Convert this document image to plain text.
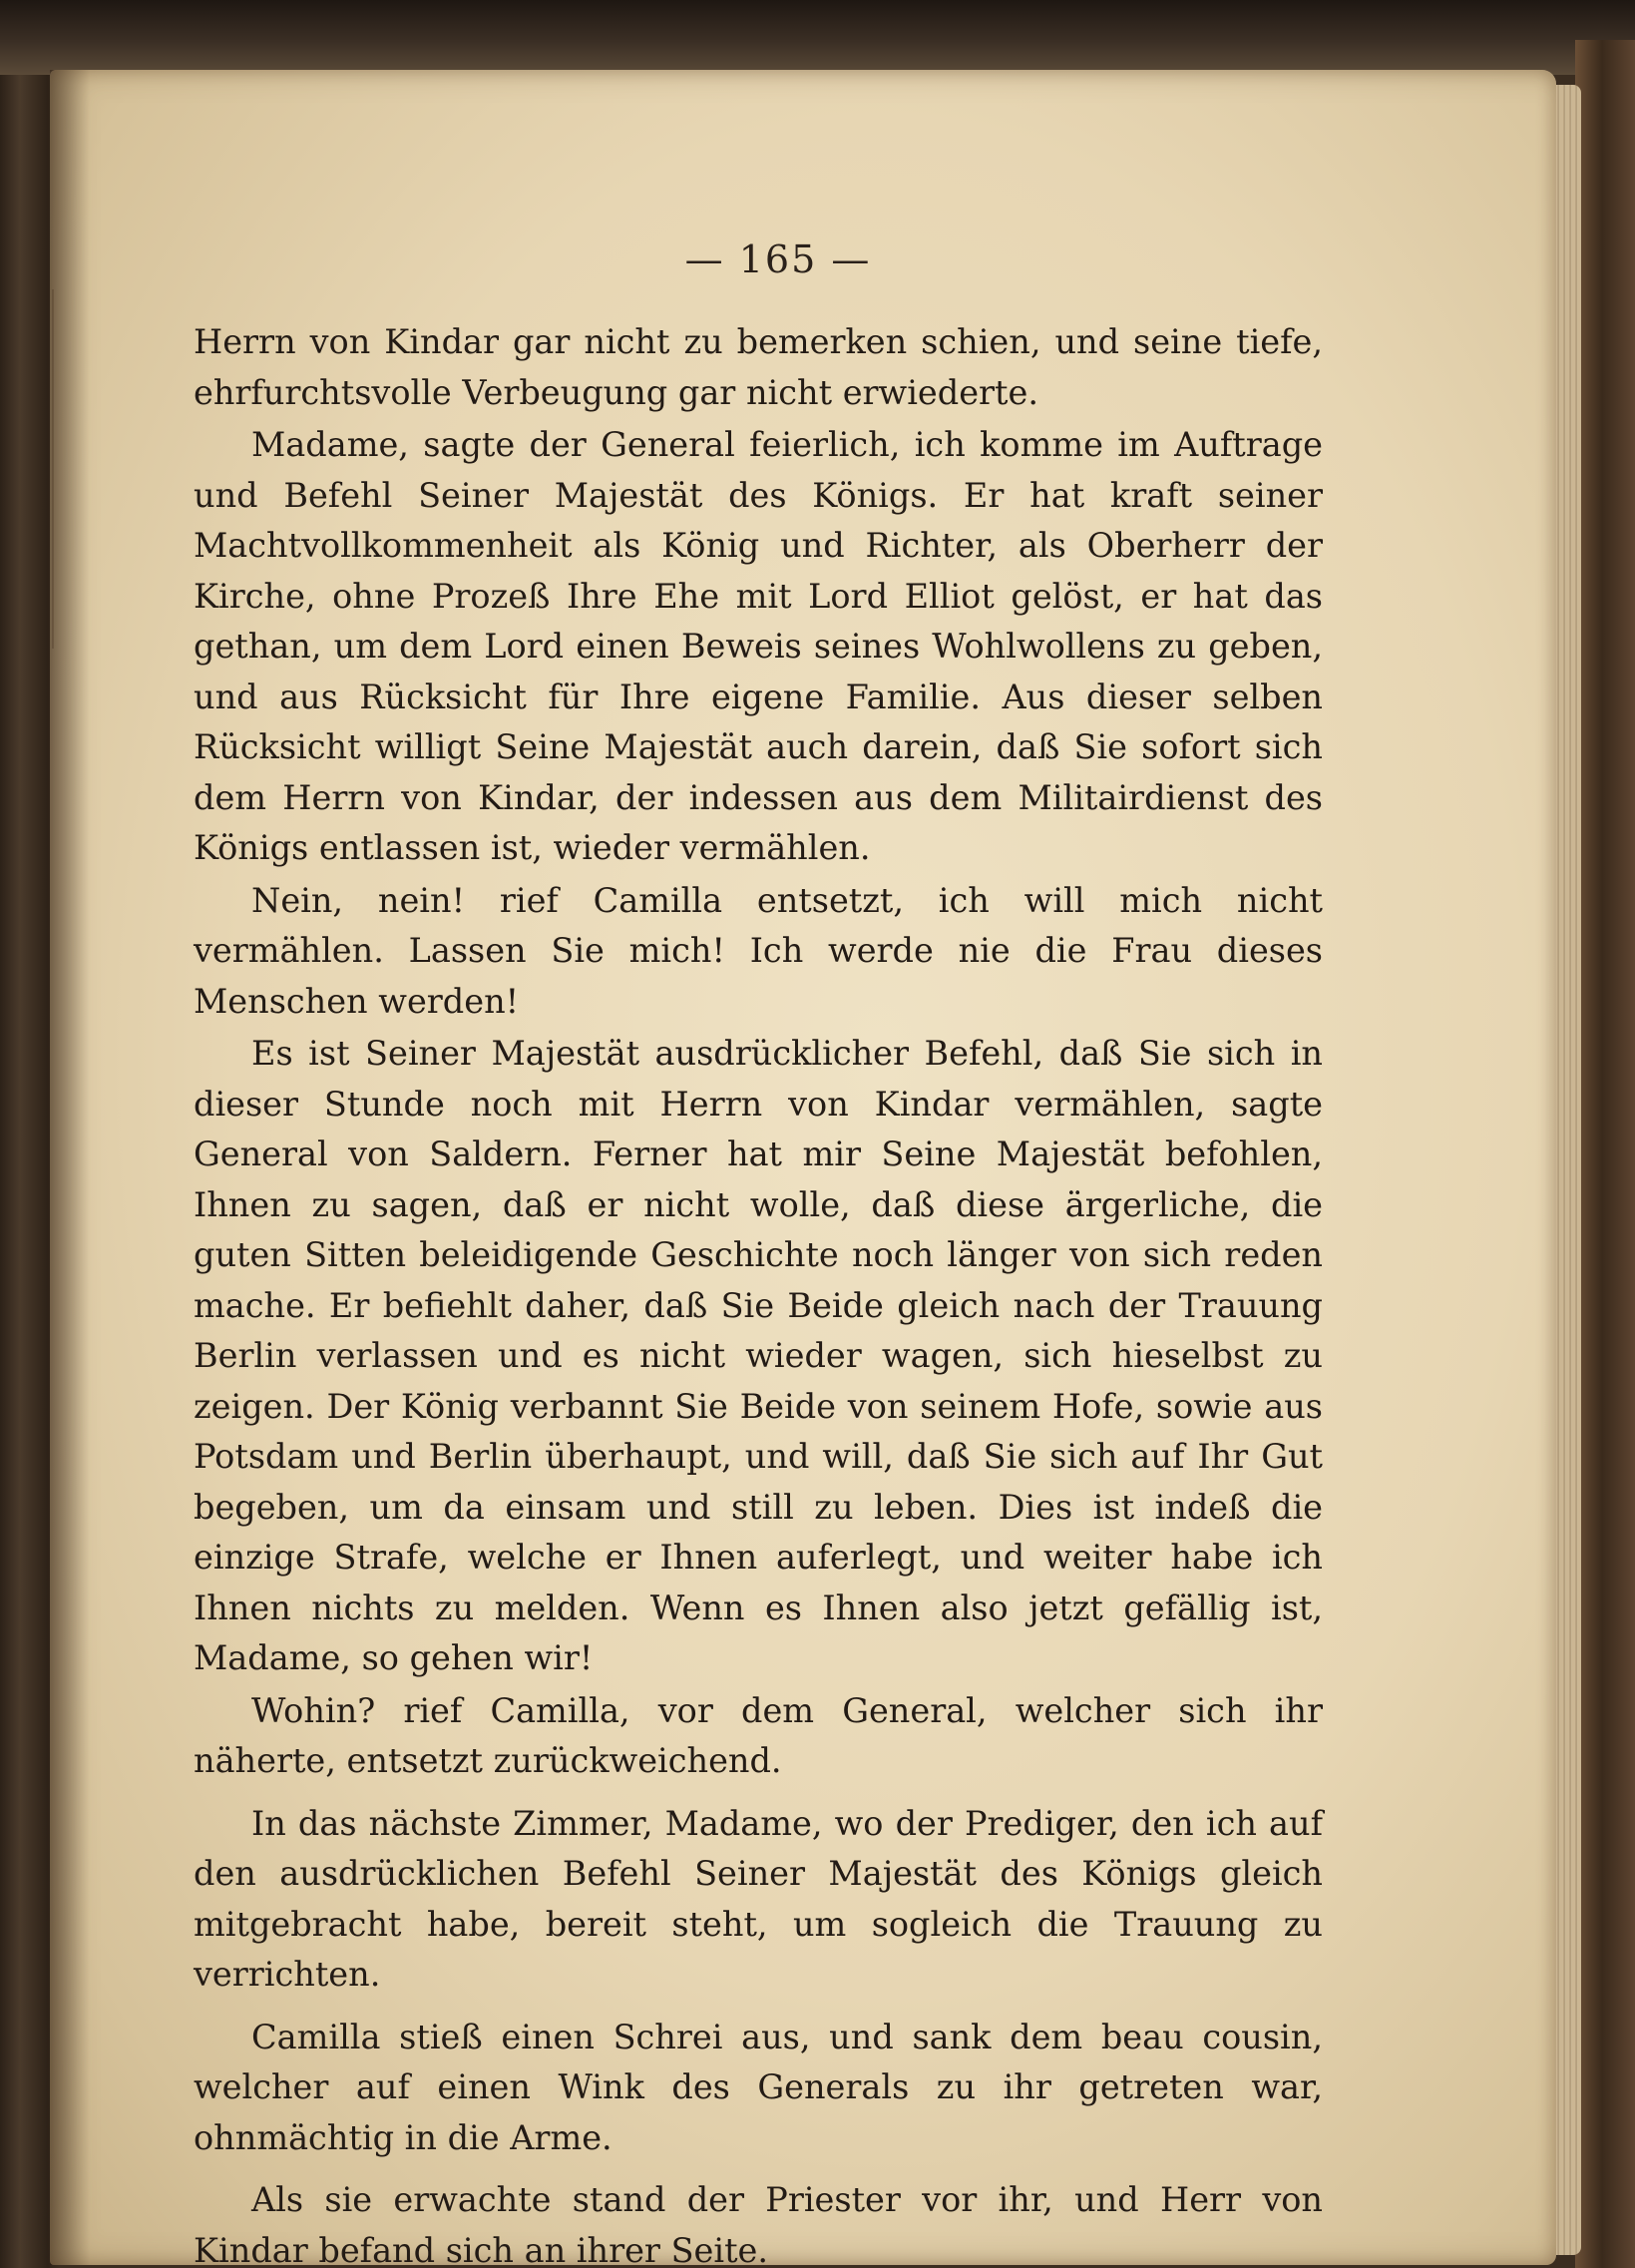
— 165 —

Herrn von Kindar gar nicht zu bemerken schien, und seine tiefe, ehrfurchtsvolle Verbeugung gar nicht erwiederte.

Madame, sagte der General feierlich, ich komme im Auftrage und Befehl Seiner Majestät des Königs. Er hat kraft seiner Machtvollkommenheit als König und Richter, als Oberherr der Kirche, ohne Prozeß Ihre Ehe mit Lord Elliot gelöst, er hat das gethan, um dem Lord einen Beweis seines Wohlwollens zu geben, und aus Rücksicht für Ihre eigene Familie. Aus dieser selben Rücksicht willigt Seine Majestät auch darein, daß Sie sofort sich dem Herrn von Kindar, der indessen aus dem Militairdienst des Königs entlassen ist, wieder vermählen.

Nein, nein! rief Camilla entsetzt, ich will mich nicht vermählen. Lassen Sie mich! Ich werde nie die Frau dieses Menschen werden!

Es ist Seiner Majestät ausdrücklicher Befehl, daß Sie sich in dieser Stunde noch mit Herrn von Kindar vermählen, sagte General von Saldern. Ferner hat mir Seine Majestät befohlen, Ihnen zu sagen, daß er nicht wolle, daß diese ärgerliche, die guten Sitten beleidigende Geschichte noch länger von sich reden mache. Er befiehlt daher, daß Sie Beide gleich nach der Trauung Berlin verlassen und es nicht wieder wagen, sich hieselbst zu zeigen. Der König verbannt Sie Beide von seinem Hofe, sowie aus Potsdam und Berlin überhaupt, und will, daß Sie sich auf Ihr Gut begeben, um da einsam und still zu leben. Dies ist indeß die einzige Strafe, welche er Ihnen auferlegt, und weiter habe ich Ihnen nichts zu melden. Wenn es Ihnen also jetzt gefällig ist, Madame, so gehen wir!

Wohin? rief Camilla, vor dem General, welcher sich ihr näherte, entsetzt zurückweichend.

In das nächste Zimmer, Madame, wo der Prediger, den ich auf den ausdrücklichen Befehl Seiner Majestät des Königs gleich mitgebracht habe, bereit steht, um sogleich die Trauung zu verrichten.

Camilla stieß einen Schrei aus, und sank dem beau cousin, welcher auf einen Wink des Generals zu ihr getreten war, ohnmächtig in die Arme.

Als sie erwachte stand der Priester vor ihr, und Herr von Kindar befand sich an ihrer Seite.
